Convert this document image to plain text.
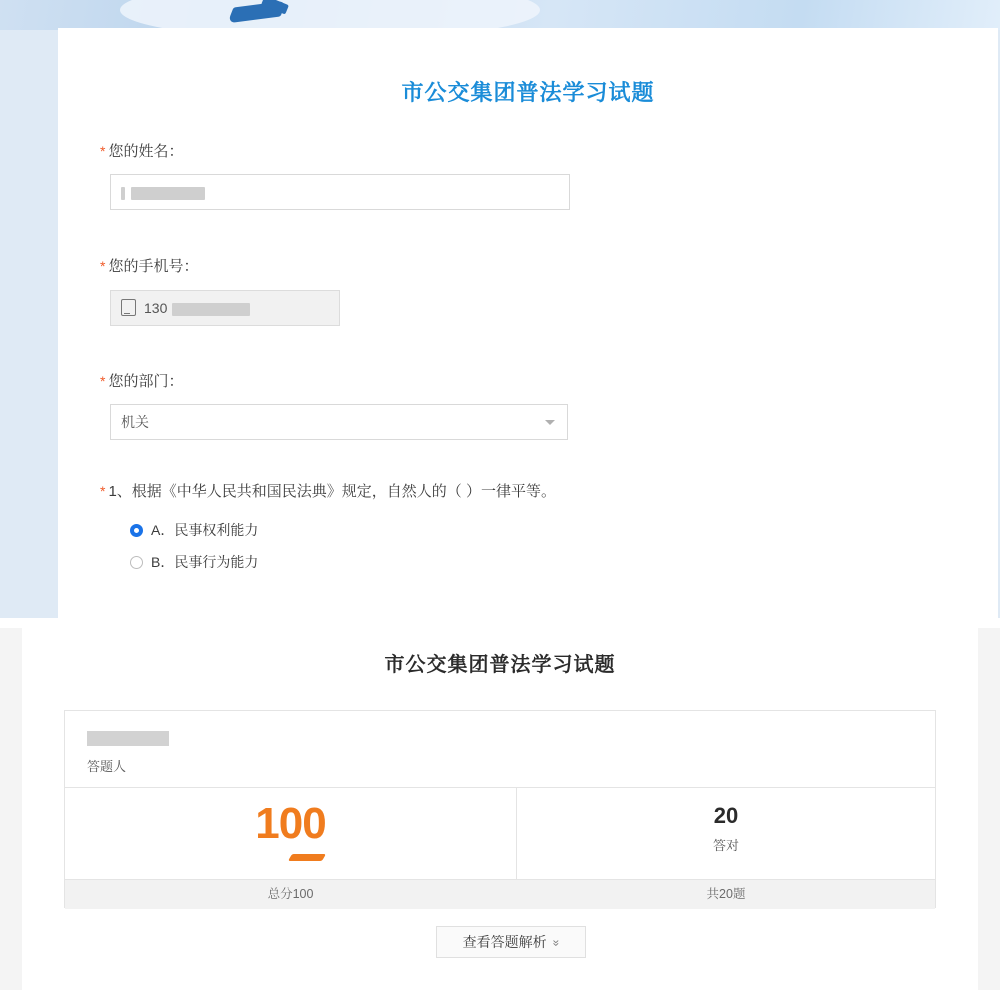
市公交集团普法学习试题
* 您的姓名：
* 您的手机号：
130
* 您的部门：
机关
* 1、根据《中华人民共和国民法典》规定，自然人的（ ）一律平等。
A．民事权利能力
B．民事行为能力
市公交集团普法学习试题
答题人
100	20
答对
总分100	共20题
查看答题解析 »
